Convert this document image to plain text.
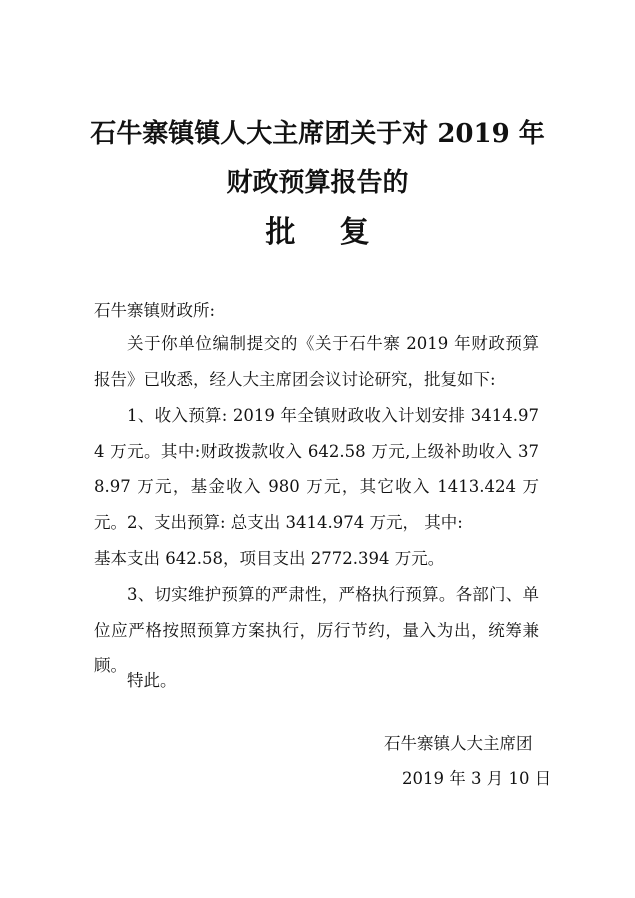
石牛寨镇镇人大主席团关于对 2019 年
财政预算报告的
批 复
石牛寨镇财政所:
关于你单位编制提交的《关于石牛寨 2019 年财政预算报告》已收悉，经人大主席团会议讨论研究，批复如下:
1、收入预算: 2019 年全镇财政收入计划安排 3414.974 万元。其中:财政拨款收入 642.58 万元,上级补助收入 378.97 万元，基金收入 980 万元，其它收入 1413.424 万元。 2、支出预算: 总支出 3414.974 万元， 其中:
基本支出 642.58，项目支出 2772.394 万元。
3、切实维护预算的严肃性，严格执行预算。各部门、单位应严格按照预算方案执行，厉行节约，量入为出，统筹兼顾。
特此。
石牛寨镇人大主席团
2019 年 3 月 10 日
